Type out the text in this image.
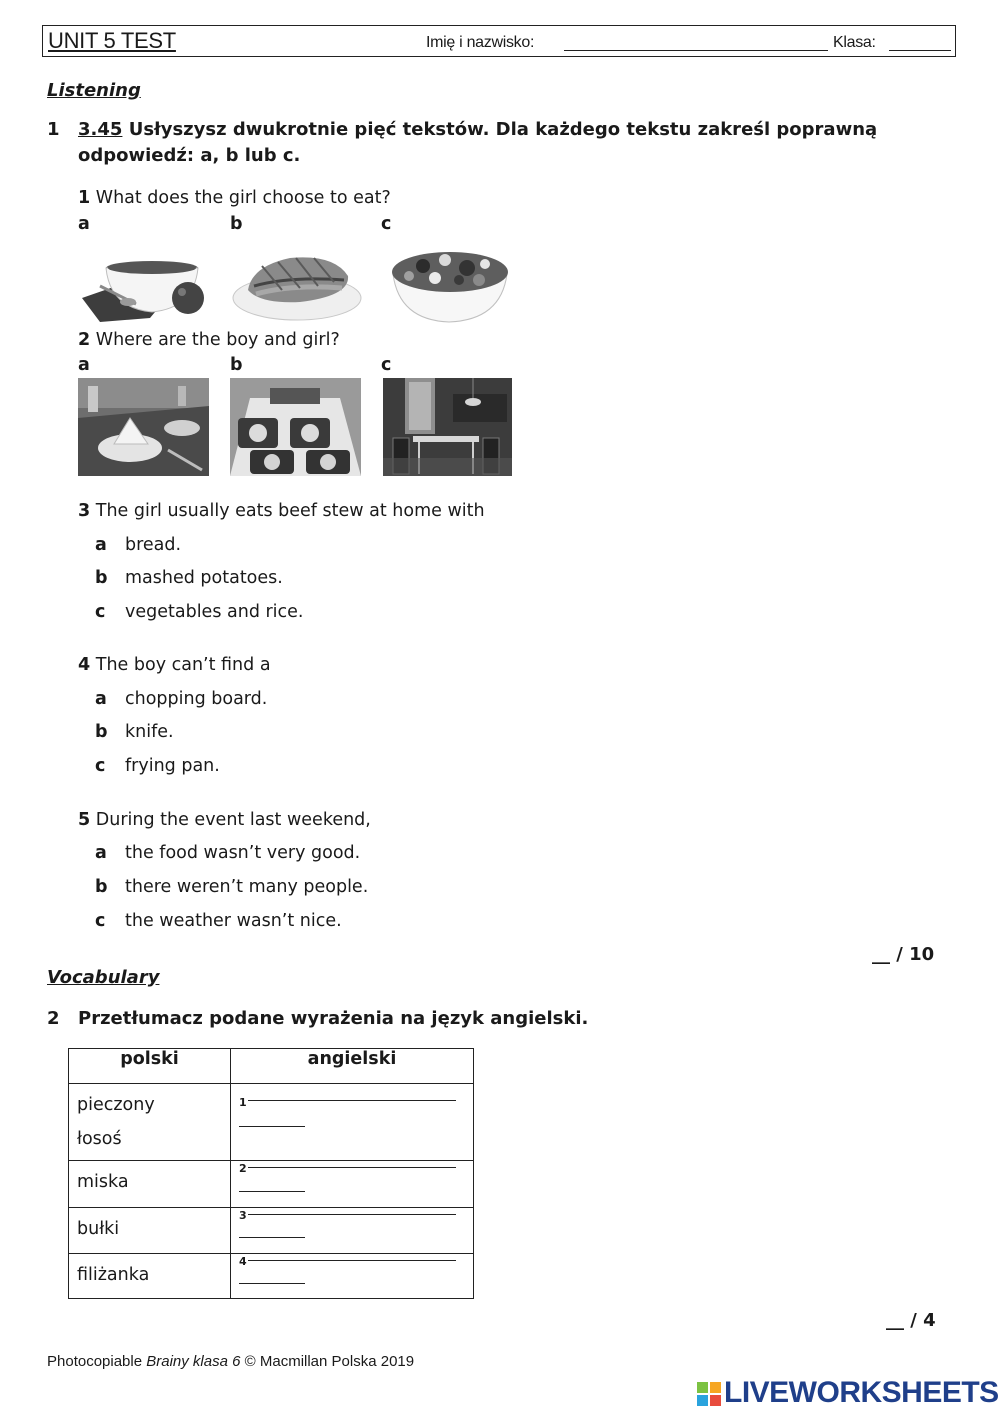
UNIT 5 TEST	Imię i nazwisko:	Klasa:
Listening
1 3.45 Usłyszysz dwukrotnie pięć tekstów. Dla każdego tekstu zakreśl poprawną
odpowiedź: a, b lub c.
1 What does the girl choose to eat?
a	b	c
2 Where are the boy and girl?
a	b	c
3 The girl usually eats beef stew at home with
a bread.
b mashed potatoes.
c vegetables and rice.
4 The boy can’t find a
a chopping board.
b knife.
c frying pan.
5 During the event last weekend,
a the food wasn’t very good.
b there weren’t many people.
c the weather wasn’t nice.
__ / 10
Vocabulary
2 Przetłumacz podane wyrażenia na język angielski.
polski	angielski
pieczony
łosoś	1

miska	2

bułki	3

filiżanka	4
__ / 4
Photocopiable Brainy klasa 6 © Macmillan Polska 2019
LIVEWORKSHEETS
